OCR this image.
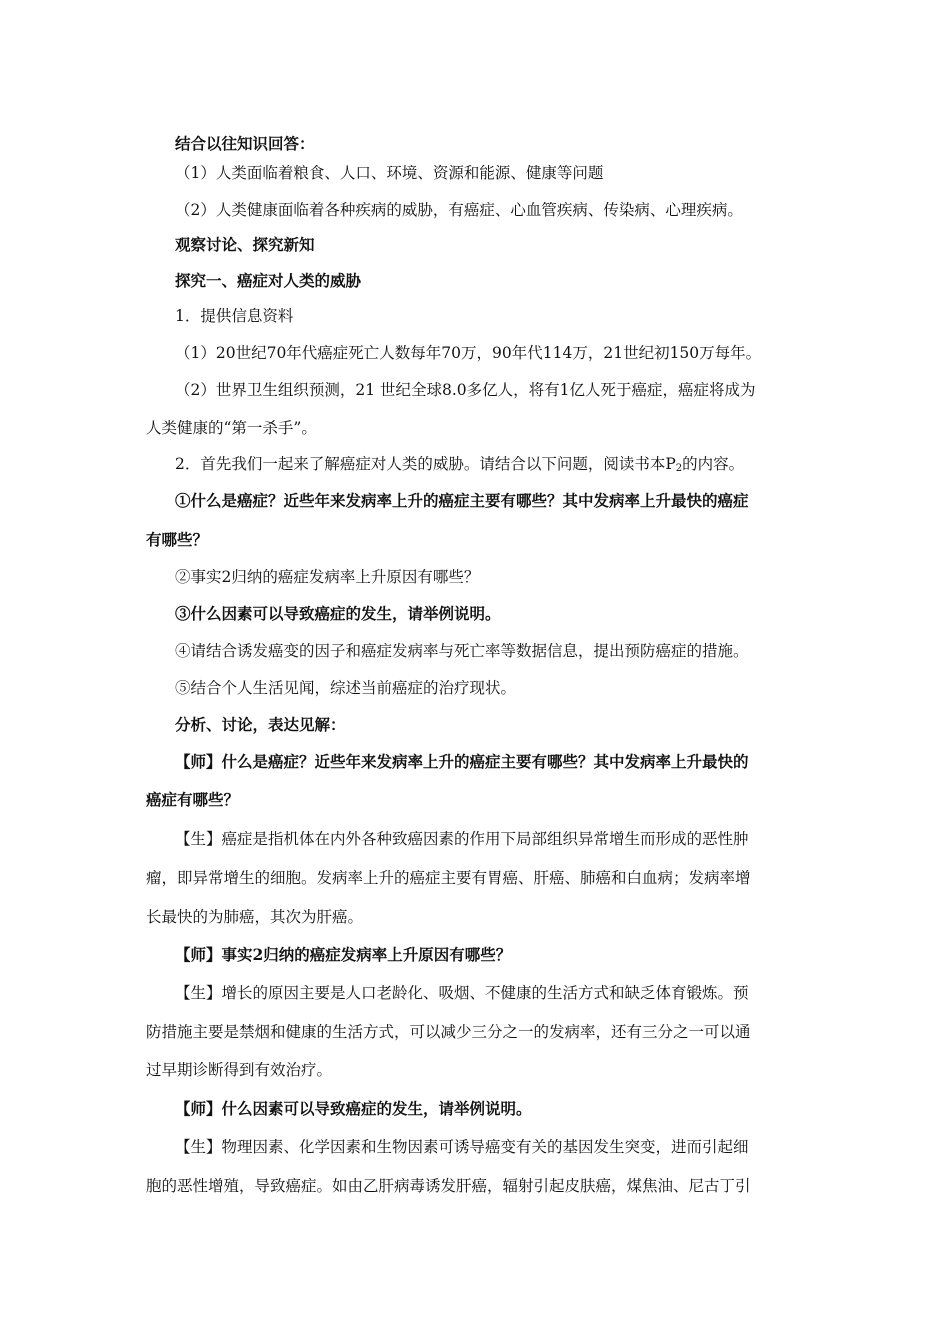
结合以往知识回答：
（1）人类面临着粮食、人口、环境、资源和能源、健康等问题
（2）人类健康面临着各种疾病的威胁，有癌症、心血管疾病、传染病、心理疾病。
观察讨论、探究新知
探究一、癌症对人类的威胁
1．提供信息资料
（1）20世纪70年代癌症死亡人数每年70万，90年代114万，21世纪初150万每年。
（2）世界卫生组织预测，21 世纪全球8.0多亿人，将有1亿人死于癌症，癌症将成为
人类健康的“第一杀手”。
2．首先我们一起来了解癌症对人类的威胁。请结合以下问题，阅读书本$P_2$的内容。
①什么是癌症？近些年来发病率上升的癌症主要有哪些？其中发病率上升最快的癌症
有哪些？
②事实2归纳的癌症发病率上升原因有哪些？
③什么因素可以导致癌症的发生，请举例说明。
④请结合诱发癌变的因子和癌症发病率与死亡率等数据信息，提出预防癌症的措施。
⑤结合个人生活见闻，综述当前癌症的治疗现状。
分析、讨论，表达见解：
【师】什么是癌症？近些年来发病率上升的癌症主要有哪些？其中发病率上升最快的
癌症有哪些？
【生】癌症是指机体在内外各种致癌因素的作用下局部组织异常增生而形成的恶性肿
瘤，即异常增生的细胞。发病率上升的癌症主要有胃癌、肝癌、肺癌和白血病；发病率增
长最快的为肺癌，其次为肝癌。
【师】事实2归纳的癌症发病率上升原因有哪些？
【生】增长的原因主要是人口老龄化、吸烟、不健康的生活方式和缺乏体育锻炼。预
防措施主要是禁烟和健康的生活方式，可以减少三分之一的发病率，还有三分之一可以通
过早期诊断得到有效治疗。
【师】什么因素可以导致癌症的发生，请举例说明。
【生】物理因素、化学因素和生物因素可诱导癌变有关的基因发生突变，进而引起细
胞的恶性增殖，导致癌症。如由乙肝病毒诱发肝癌，辐射引起皮肤癌，煤焦油、尼古丁引
